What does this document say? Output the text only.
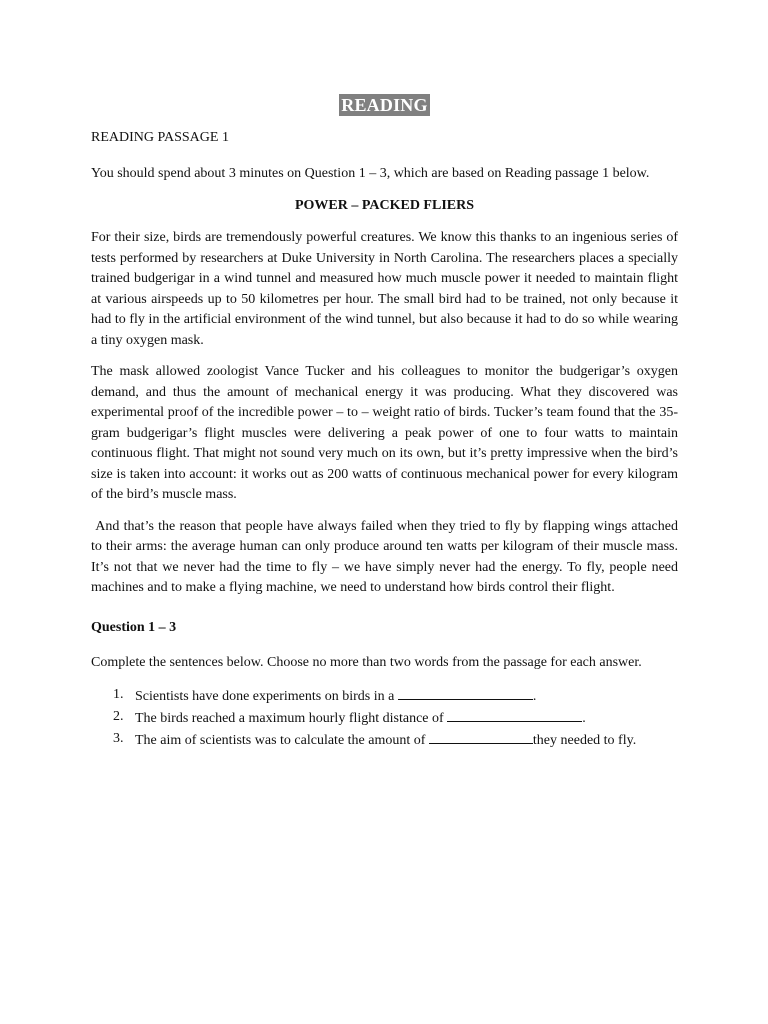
READING
READING PASSAGE 1
You should spend about 3 minutes on Question 1 – 3, which are based on Reading passage 1 below.
POWER – PACKED FLIERS

For their size, birds are tremendously powerful creatures. We know this thanks to an ingenious series of tests performed by researchers at Duke University in North Carolina. The researchers places a specially trained budgerigar in a wind tunnel and measured how much muscle power it needed to maintain flight at various airspeeds up to 50 kilometres per hour. The small bird had to be trained, not only because it had to fly in the artificial environment of the wind tunnel, but also because it had to do so while wearing a tiny oxygen mask.

The mask allowed zoologist Vance Tucker and his colleagues to monitor the budgerigar’s oxygen demand, and thus the amount of mechanical energy it was producing. What they discovered was experimental proof of the incredible power – to – weight ratio of birds. Tucker’s team found that the 35-gram budgerigar’s flight muscles were delivering a peak power of one to four watts to maintain continuous flight. That might not sound very much on its own, but it’s pretty impressive when the bird’s size is taken into account: it works out as 200 watts of continuous mechanical power for every kilogram of the bird’s muscle mass.

And that’s the reason that people have always failed when they tried to fly by flapping wings attached to their arms: the average human can only produce around ten watts per kilogram of their muscle mass. It’s not that we never had the time to fly – we have simply never had the energy. To fly, people need machines and to make a flying machine, we need to understand how birds control their flight.

Question 1 – 3

Complete the sentences below. Choose no more than two words from the passage for each answer.

1. Scientists have done experiments on birds in a	.
2. The birds reached a maximum hourly flight distance of	.
3. The aim of scientists was to calculate the amount of	they needed to fly.
